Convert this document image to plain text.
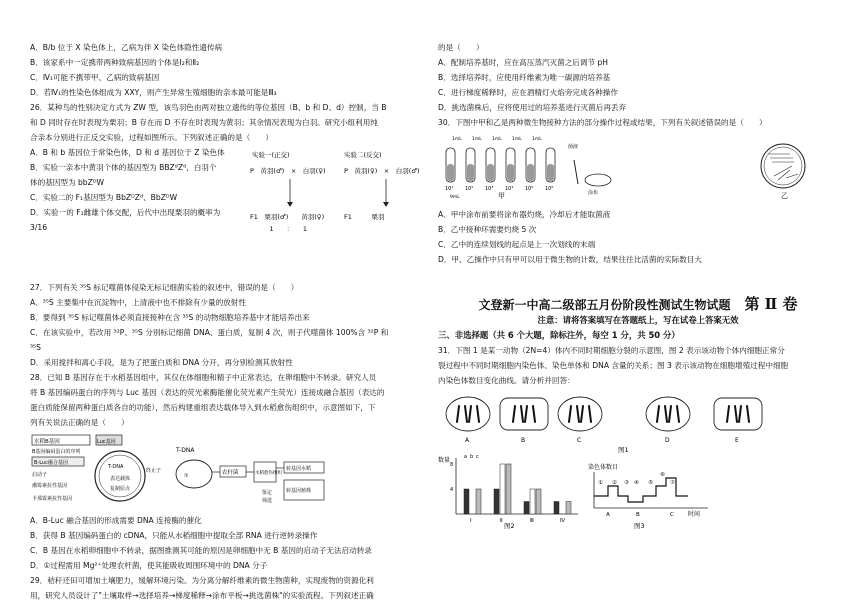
A．B/b 位于 X 染色体上，乙病为伴 X 染色体隐性遗传病
B．该家系中一定携带两种致病基因的个体是Ⅰ₂和Ⅱ₂
C．Ⅳ₁可能不携带甲、乙病的致病基因
D．若Ⅳ₁的性染色体组成为 XXY，则产生异常生殖细胞的亲本最可能是Ⅲ₃
26．某种鸟的性别决定方式为 ZW 型，该鸟羽色由两对独立遗传的等位基因（B、b 和 D、d）控制，当 B
和 D 同时存在时表现为栗羽；B 存在而 D 不存在时表现为黄羽；其余情况表现为白羽。研究小组利用纯
合亲本分别进行正反交实验，过程如图所示。下列叙述正确的是（　　）
A．B 和 b 基因位于常染色体，D 和 d 基因位于 Z 染色体
B．实验一亲本中黄羽个体的基因型为 BBZᵈZᵈ，白羽个
体的基因型为 bbZᴰW
C．实验二的 F₁基因型为 BbZᴰZᵈ、BbZᴰW
D．实验一的 F₁雌雄个体交配，后代中出现栗羽的概率为
3/16
实验一(正交)	实验二(反交)
P　黄羽(♂)　×　白羽(♀)	P　黄羽(♀)　×　白羽(♂)
F1　栗羽(♂)　　黄羽(♀)	F1　　　栗羽
　　　1　　：　　1
27．下列有关 ³⁵S 标记噬菌体侵染无标记细菌实验的叙述中，错误的是（　　）
A．³⁵S 主要集中在沉淀物中，上清液中也不排除有少量的放射性
B．要得到 ³⁵S 标记噬菌体必须直接接种在含 ³⁵S 的动物细胞培养基中才能培养出来
C．在该实验中，若改用 ³²P、³⁵S 分别标记细菌 DNA、蛋白质，复制 4 次，则子代噬菌体 100%含 ³²P 和
³⁵S
D．采用搅拌和离心手段，是为了把蛋白质和 DNA 分开，再分别检测其放射性
28．已知 B 基因存在于水稻基因组中，其仅在体细胞和精子中正常表达，在卵细胞中不转录。研究人员
将 B 基因编码蛋白的序列与 Luc 基因（表达的荧光素酶能催化荧光素产生荧光）连接成融合基因（表达的
蛋白质能保留两种蛋白质各自的功能），然后构建重组表达载体导入到水稻愈伤组织中，示意图如下，下
列有关说法正确的是（　　）
水稻B基因	Luc基因
B基因编码蛋白的序列
B-Luc融合基因
启动子
潮霉素抗性基因
卡那霉素抗性基因
T-DNA
表达载体
复制原点
终止子
T-DNA
①	农杆菌	水稻愈伤组织
转基因水稻
转基因植株
鉴定
筛选
A．B-Luc 融合基因的形成需要 DNA 连接酶的催化
B．获得 B 基因编码蛋白的 cDNA，只能从水稻细胞中提取全部 RNA 进行逆转录操作
C．B 基因在水稻卵细胞中不转录，据图推测其可能的原因是卵细胞中无 B 基因的启动子无法启动转录
D．①过程需用 Mg²⁺处理农杆菌，使其能吸收周围环境中的 DNA 分子
29．秸秆还田可增加土壤肥力，缓解环境污染。为分离分解纤维素的微生物菌种，实现废物的资源化利
用，研究人员设计了"土壤取样→选择培养→梯度稀释→涂布平板→挑选菌株"的实验流程。下列叙述正确
的是（　　）
A．配制培养基时，应在高压蒸汽灭菌之后调节 pH
B．选择培养时，应使用纤维素为唯一碳源的培养基
C．进行梯度稀释时，应在酒精灯火焰旁完成各种操作
D．挑选菌株后，应将使用过的培养基进行灭菌后再丢弃
30．下图中甲和乙是两种微生物接种方法的部分操作过程或结果，下列有关叙述错误的是（　　）
10¹
1mL
10²
1mL
10³
1mL
10⁴
1mL
10⁵
1mL
10⁶
9mL
菌液
涂布
甲	乙
A．甲中涂布前要将涂布器灼烧，冷却后才能取菌液
B．乙中接种环需要灼烧 5 次
C．乙中的连续划线的起点是上一次划线的末端
D．甲、乙操作中只有甲可以用于微生物的计数，结果往往比活菌的实际数目大
文登新一中高二级部五月份阶段性测试生物试题 第 Ⅱ 卷
注意：请将答案填写在答题纸上，写在试卷上答案无效
三、非选择题（共 6 个大题，除标注外，每空 1 分，共 50 分）
31．下图 1 是某一动物（2N=4）体内不同时期细胞分裂的示意图，图 2 表示该动物个体内细胞正常分
裂过程中不同时期细胞内染色体、染色单体和 DNA 含量的关系；图 3 表示该动物在细胞增殖过程中细胞
内染色体数目变化曲线。请分析并回答：
A	B	C	D	E
图1
数量
8
4
Ⅰ	Ⅱ	Ⅲ	Ⅳ
a b c
图2
① ② ③ ④ ⑤
⑥
⑦
A	B	C
染色体数目
时间
图3
